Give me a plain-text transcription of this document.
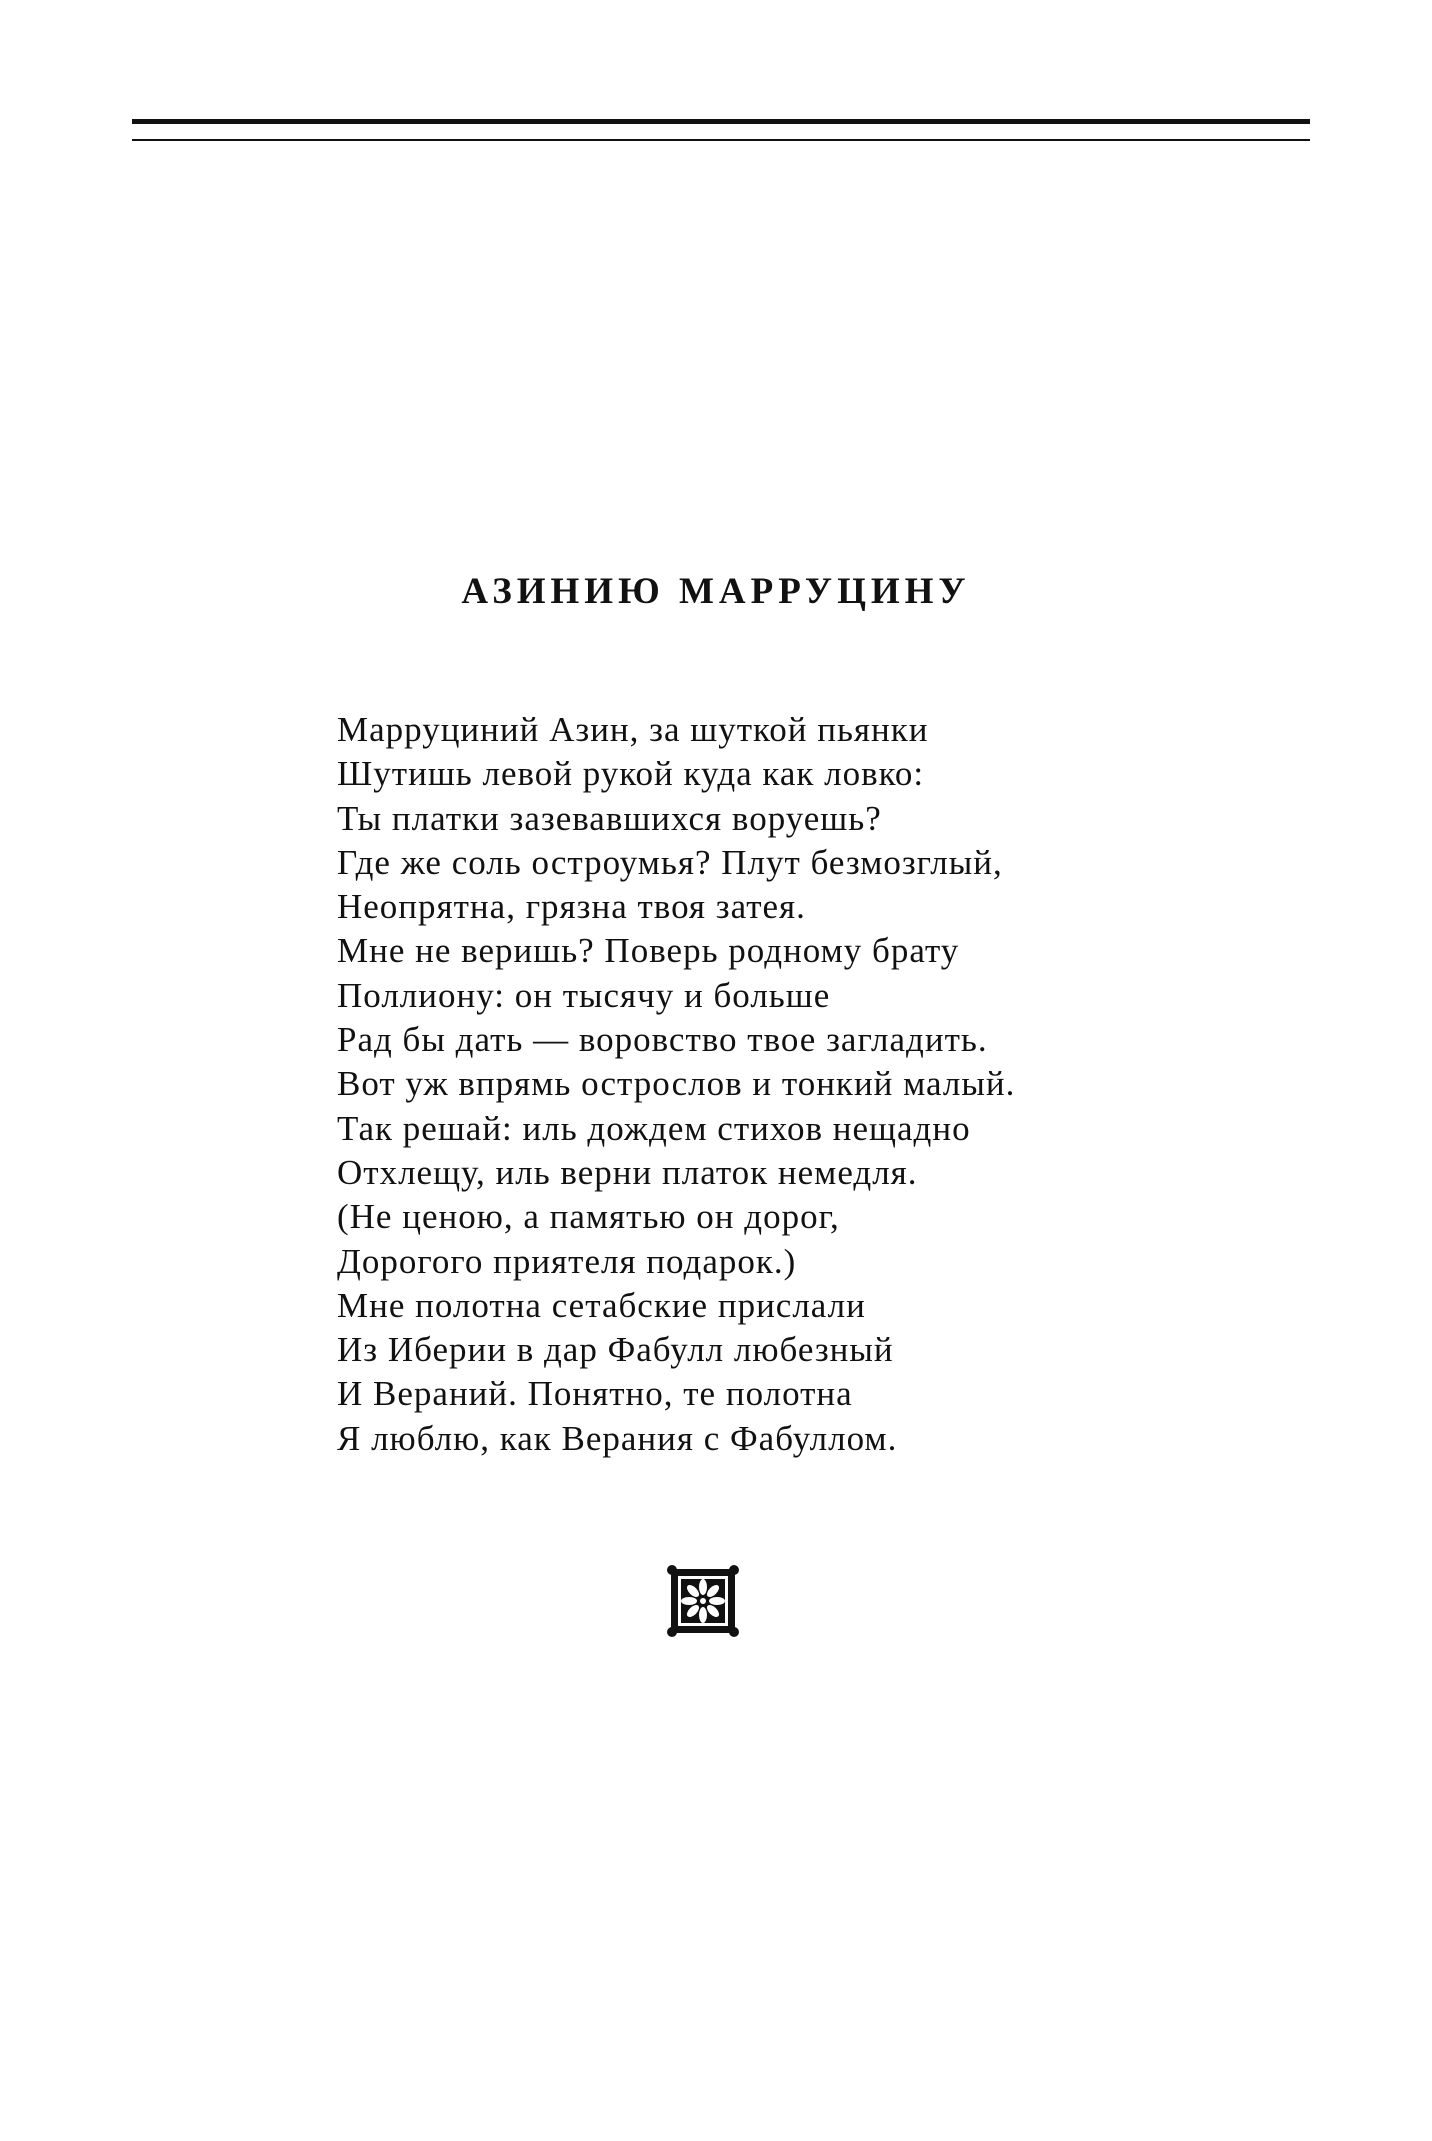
АЗИНИЮ МАРРУЦИНУ
Марруциний Азин, за шуткой пьянки
Шутишь левой рукой куда как ловко:
Ты платки зазевавшихся воруешь?
Где же соль остроумья? Плут безмозглый,
Неопрятна, грязна твоя затея.
Мне не веришь? Поверь родному брату
Поллиону: он тысячу и больше
Рад бы дать — воровство твое загладить.
Вот уж впрямь острослов и тонкий малый.
Так решай: иль дождем стихов нещадно
Отхлещу, иль верни платок немедля.
(Не ценою, а памятью он дорог,
Дорогого приятеля подарок.)
Мне полотна сетабские прислали
Из Иберии в дар Фабулл любезный
И Вераний. Понятно, те полотна
Я люблю, как Верания с Фабуллом.
